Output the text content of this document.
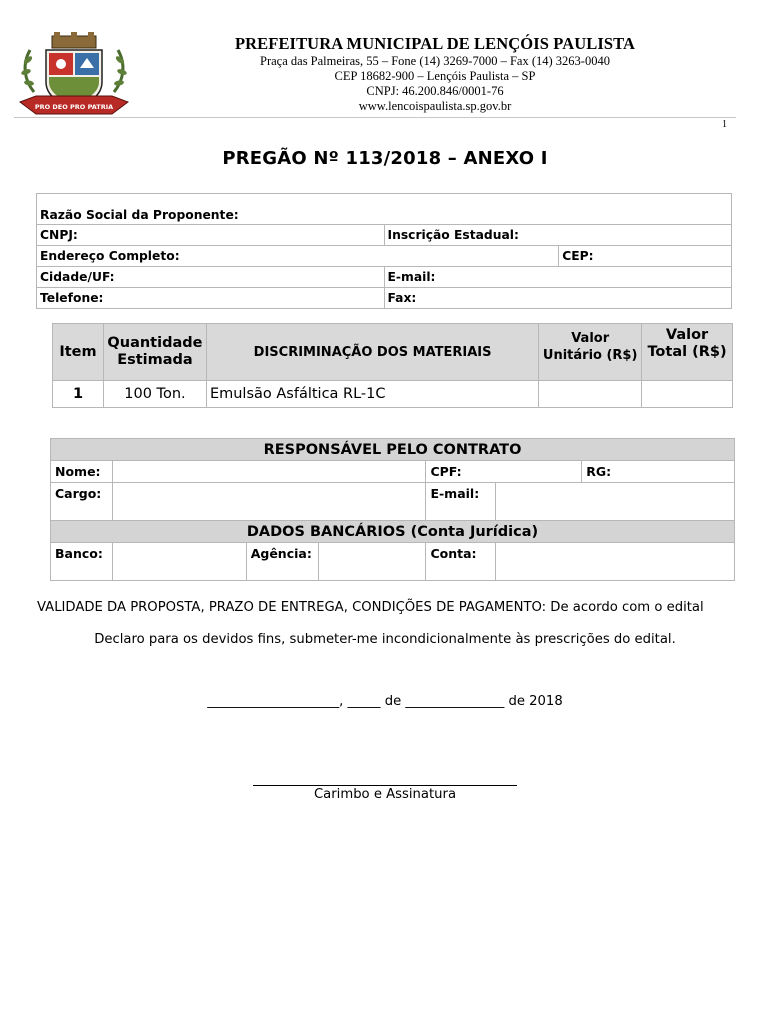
PRO DEO PRO PATRIA
PREFEITURA MUNICIPAL DE LENÇÓIS PAULISTA
Praça das Palmeiras, 55 – Fone (14) 3269-7000 – Fax (14) 3263-0040
CEP 18682-900 – Lençóis Paulista – SP
CNPJ: 46.200.846/0001-76
www.lencoispaulista.sp.gov.br
1
PREGÃO Nº 113/2018 – ANEXO I
Razão Social da Proponente:		
CNPJ:	Inscrição Estadual:	
Endereço Completo:		CEP:
Cidade/UF:	E-mail:	
Telefone:	Fax:	
Item	Quantidade Estimada	DISCRIMINAÇÃO DOS MATERIAIS	Valor Unitário (R$)	Valor Total (R$)
1	100 Ton.	Emulsão Asfáltica RL-1C		
RESPONSÁVEL PELO CONTRATO						
Nome:				CPF:		RG:
Cargo:				E-mail:		
DADOS BANCÁRIOS (Conta Jurídica)						
Banco:		Agência:		Conta:		
VALIDADE DA PROPOSTA, PRAZO DE ENTREGA, CONDIÇÕES DE PAGAMENTO: De acordo com o edital
Declaro para os devidos fins, submeter-me incondicionalmente às prescrições do edital.
____________________, _____ de _______________ de 2018
Carimbo e Assinatura
